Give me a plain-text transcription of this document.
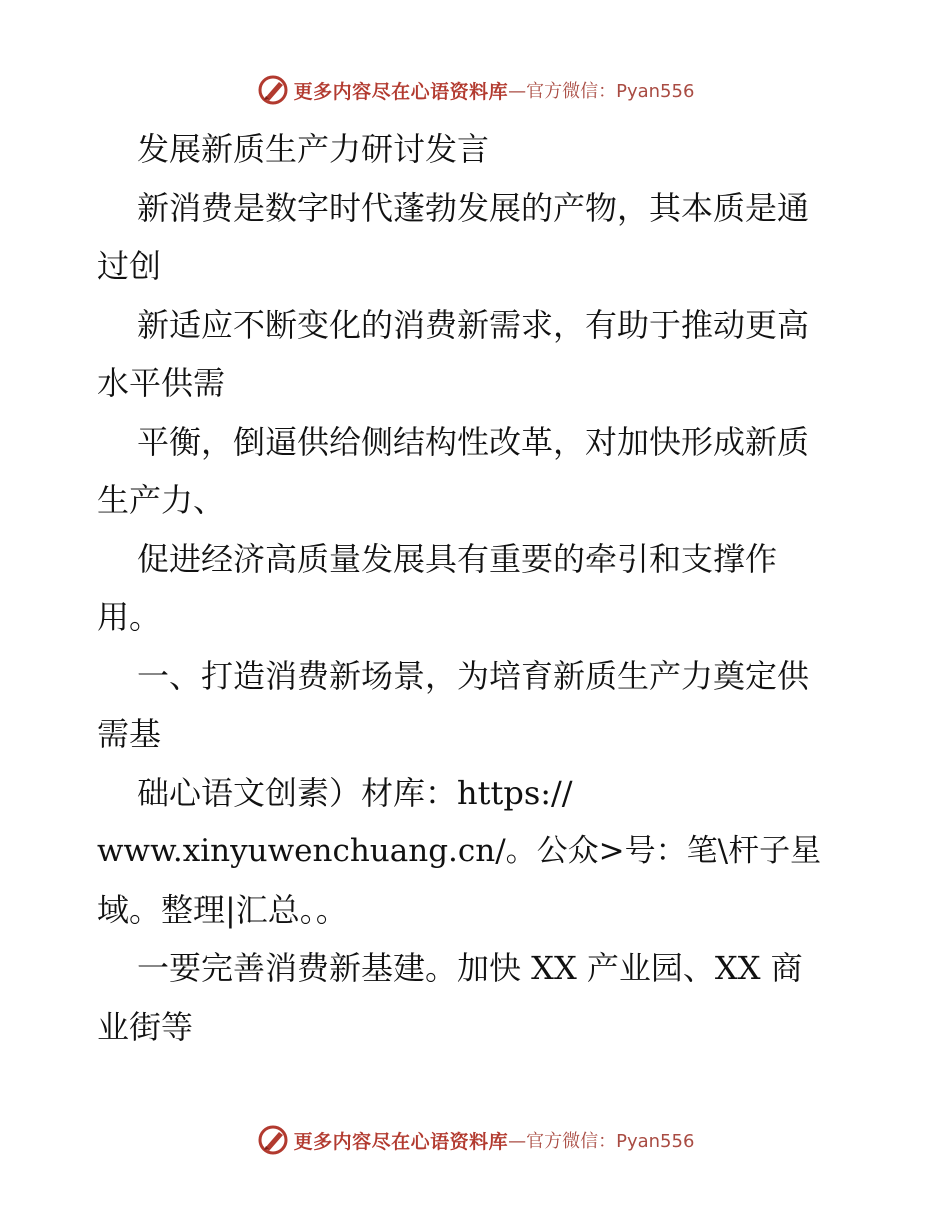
更多内容尽在心语资料库 —官方微信：Pyan556
发展新质生产力研讨发言
新消费是数字时代蓬勃发展的产物，其本质是通
过创
新适应不断变化的消费新需求，有助于推动更高
水平供需
平衡，倒逼供给侧结构性改革，对加快形成新质
生产力、
促进经济高质量发展具有重要的牵引和支撑作
用。
一、打造消费新场景，为培育新质生产力奠定供
需基
础心语文创素）材库：https://
www.xinyuwenchuang.cn/。公众>号：笔\杆子星
域。整理|汇总。。
一要完善消费新基建。加快 XX 产业园、XX 商
业街等
更多内容尽在心语资料库 —官方微信：Pyan556
